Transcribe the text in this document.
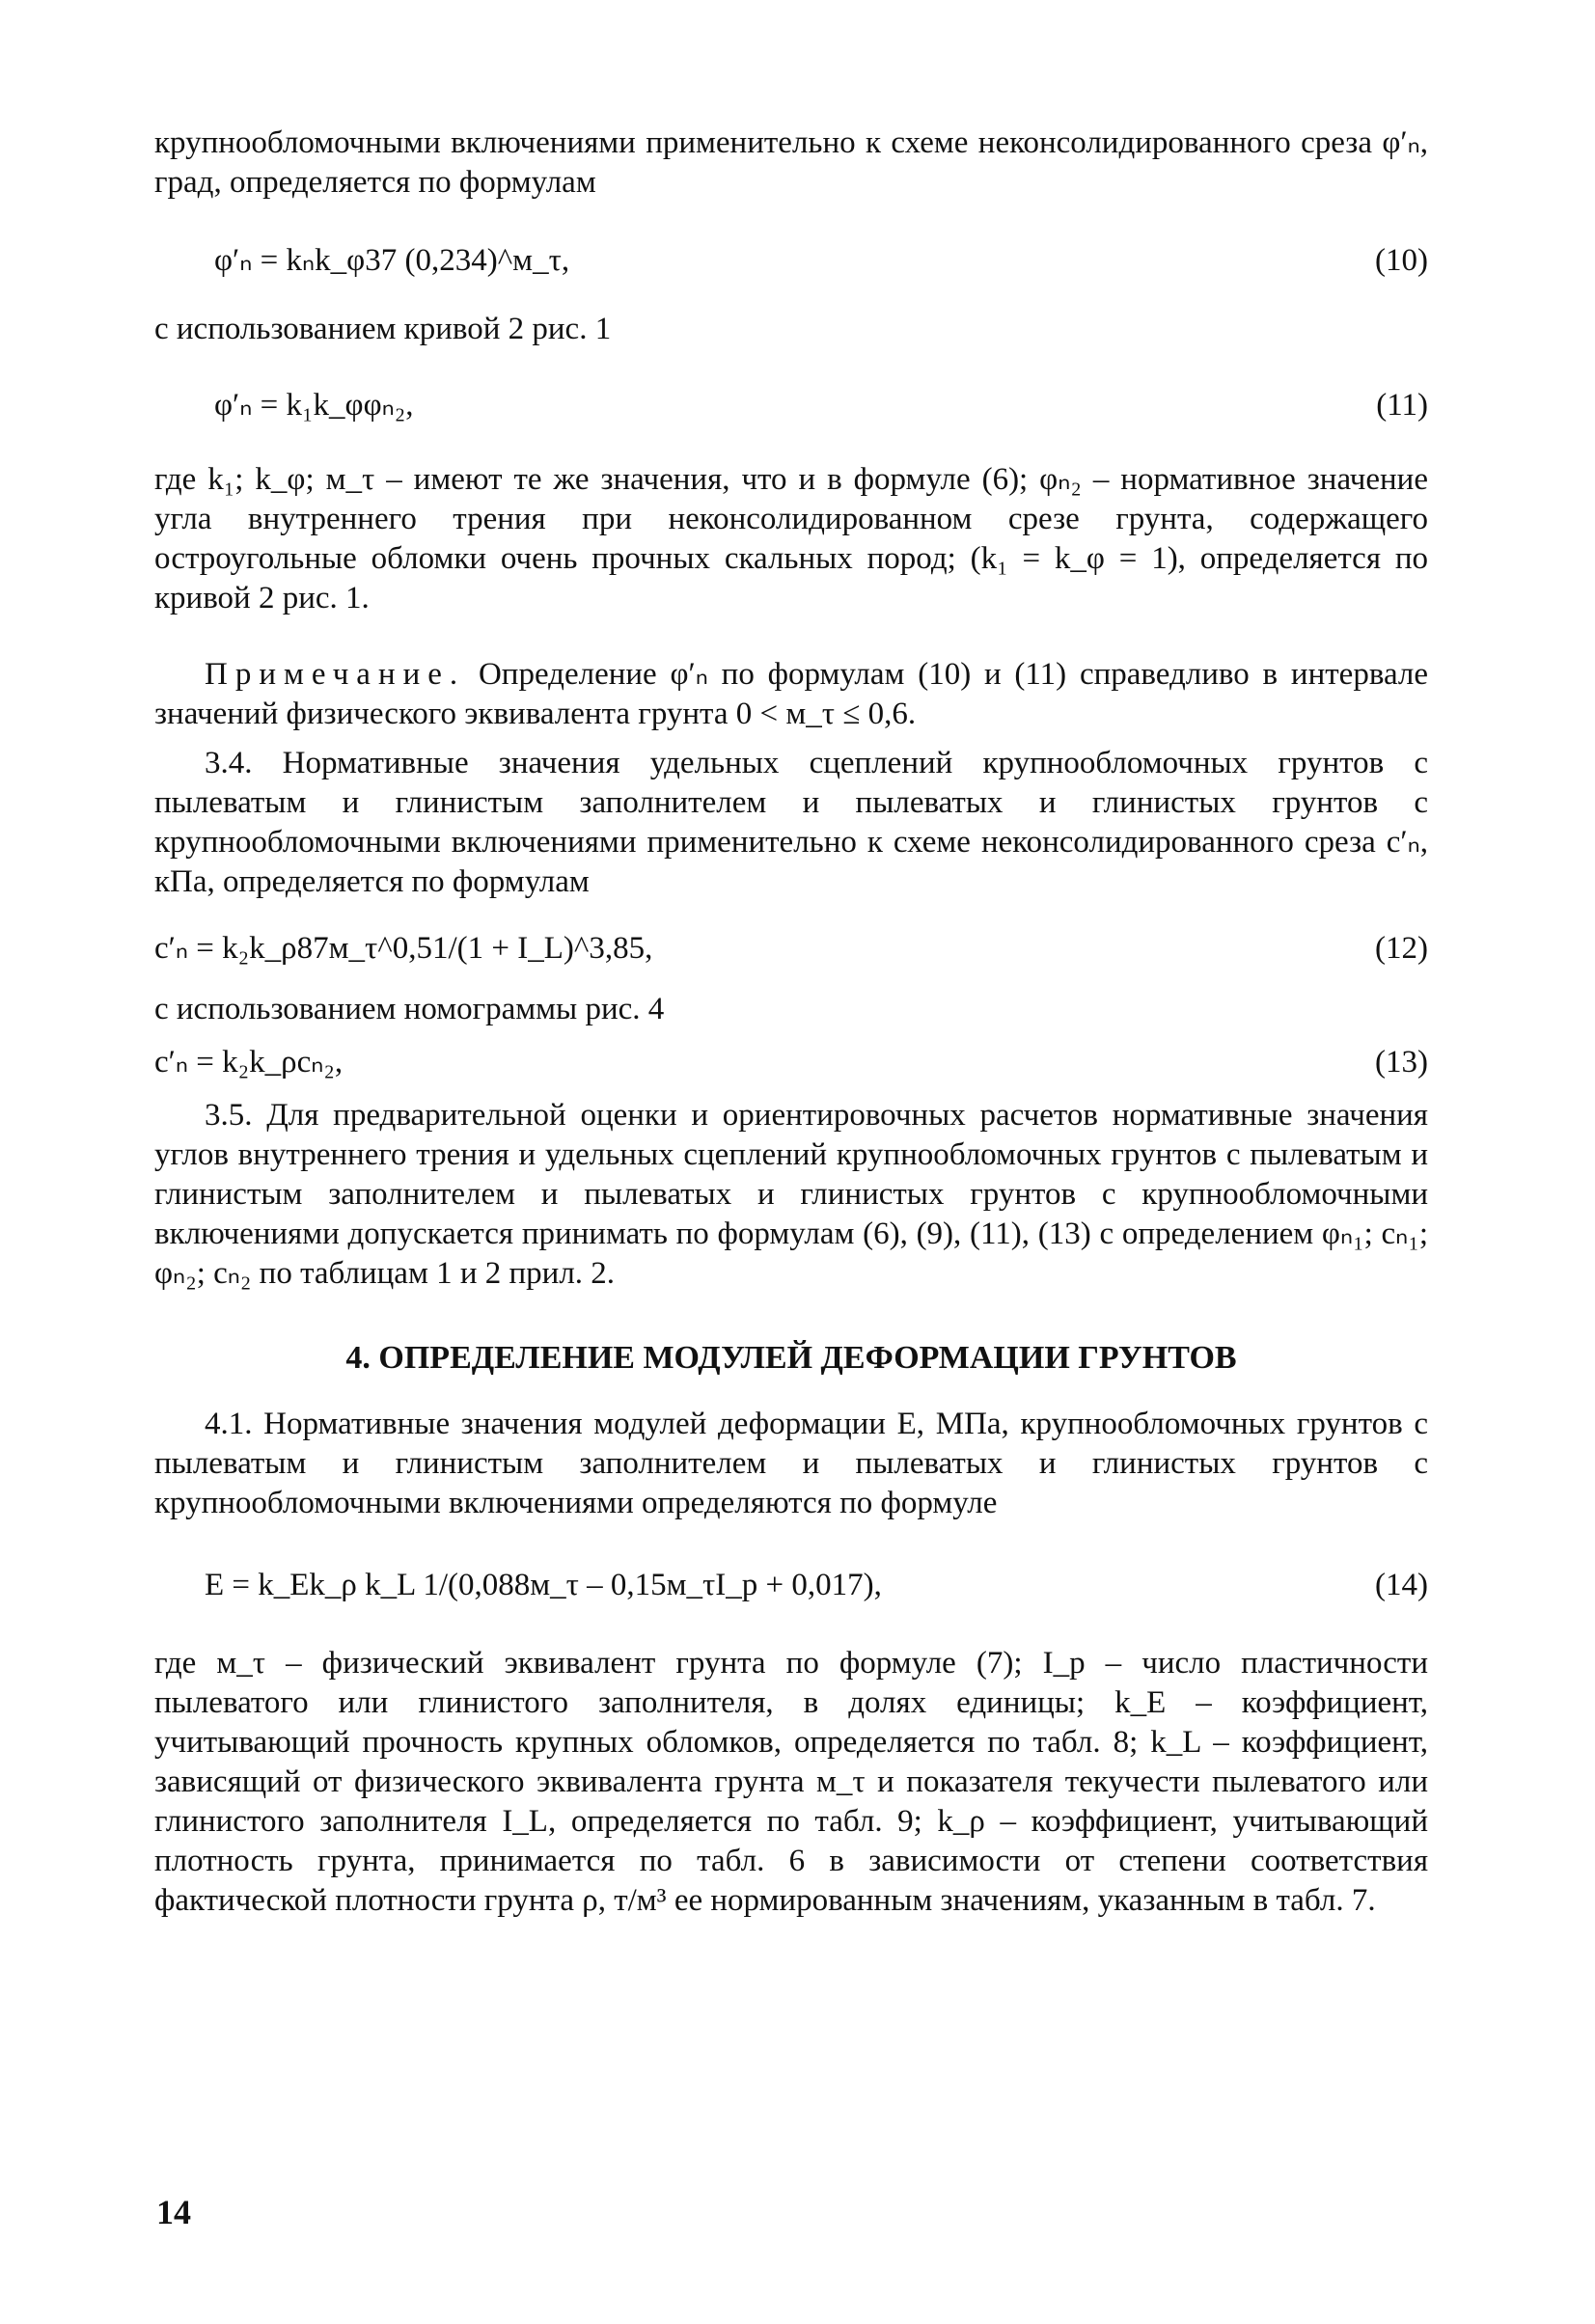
крупнообломочными включениями применительно к схеме неконсолидированного среза φ′ₙ, град, определяется по формулам

φ′ₙ = kₙk_φ37 (0,234)^м_τ,	(10)

с использованием кривой 2 рис. 1

φ′ₙ = k₁k_φφₙ₂,	(11)

где k₁; k_φ; м_τ – имеют те же значения, что и в формуле (6); φₙ₂ – нормативное значение угла внутреннего трения при неконсолидированном срезе грунта, содержащего остроугольные обломки очень прочных скальных пород; (k₁ = k_φ = 1), определяется по кривой 2 рис. 1.

Примечание. Определение φ′ₙ по формулам (10) и (11) справедливо в интервале значений физического эквивалента грунта 0 < м_τ ≤ 0,6.

3.4. Нормативные значения удельных сцеплений крупнообломочных грунтов с пылеватым и глинистым заполнителем и пылеватых и глинистых грунтов с крупнообломочными включениями применительно к схеме неконсолидированного среза c′ₙ, кПа, определяется по формулам

c′ₙ = k₂k_ρ87м_τ^0,51/(1 + I_L)^3,85,	(12)

с использованием номограммы рис. 4

c′ₙ = k₂k_ρcₙ₂,	(13)

3.5. Для предварительной оценки и ориентировочных расчетов нормативные значения углов внутреннего трения и удельных сцеплений крупнообломочных грунтов с пылеватым и глинистым заполнителем и пылеватых и глинистых грунтов с крупнообломочными включениями допускается принимать по формулам (6), (9), (11), (13) с определением φₙ₁; cₙ₁; φₙ₂; cₙ₂ по таблицам 1 и 2 прил. 2.

4. ОПРЕДЕЛЕНИЕ МОДУЛЕЙ ДЕФОРМАЦИИ ГРУНТОВ

4.1. Нормативные значения модулей деформации E, МПа, крупнообломочных грунтов с пылеватым и глинистым заполнителем и пылеватых и глинистых грунтов с крупнообломочными включениями определяются по формуле

E = k_Ek_ρ k_L 1/(0,088м_τ – 0,15м_τI_p + 0,017),	(14)

где м_τ – физический эквивалент грунта по формуле (7); I_p – число пластичности пылеватого или глинистого заполнителя, в долях единицы; k_E – коэффициент, учитывающий прочность крупных обломков, определяется по табл. 8; k_L – коэффициент, зависящий от физического эквивалента грунта м_τ и показателя текучести пылеватого или глинистого заполнителя I_L, определяется по табл. 9; k_ρ – коэффициент, учитывающий плотность грунта, принимается по табл. 6 в зависимости от степени соответствия фактической плотности грунта ρ, т/м³ ее нормированным значениям, указанным в табл. 7.

14
